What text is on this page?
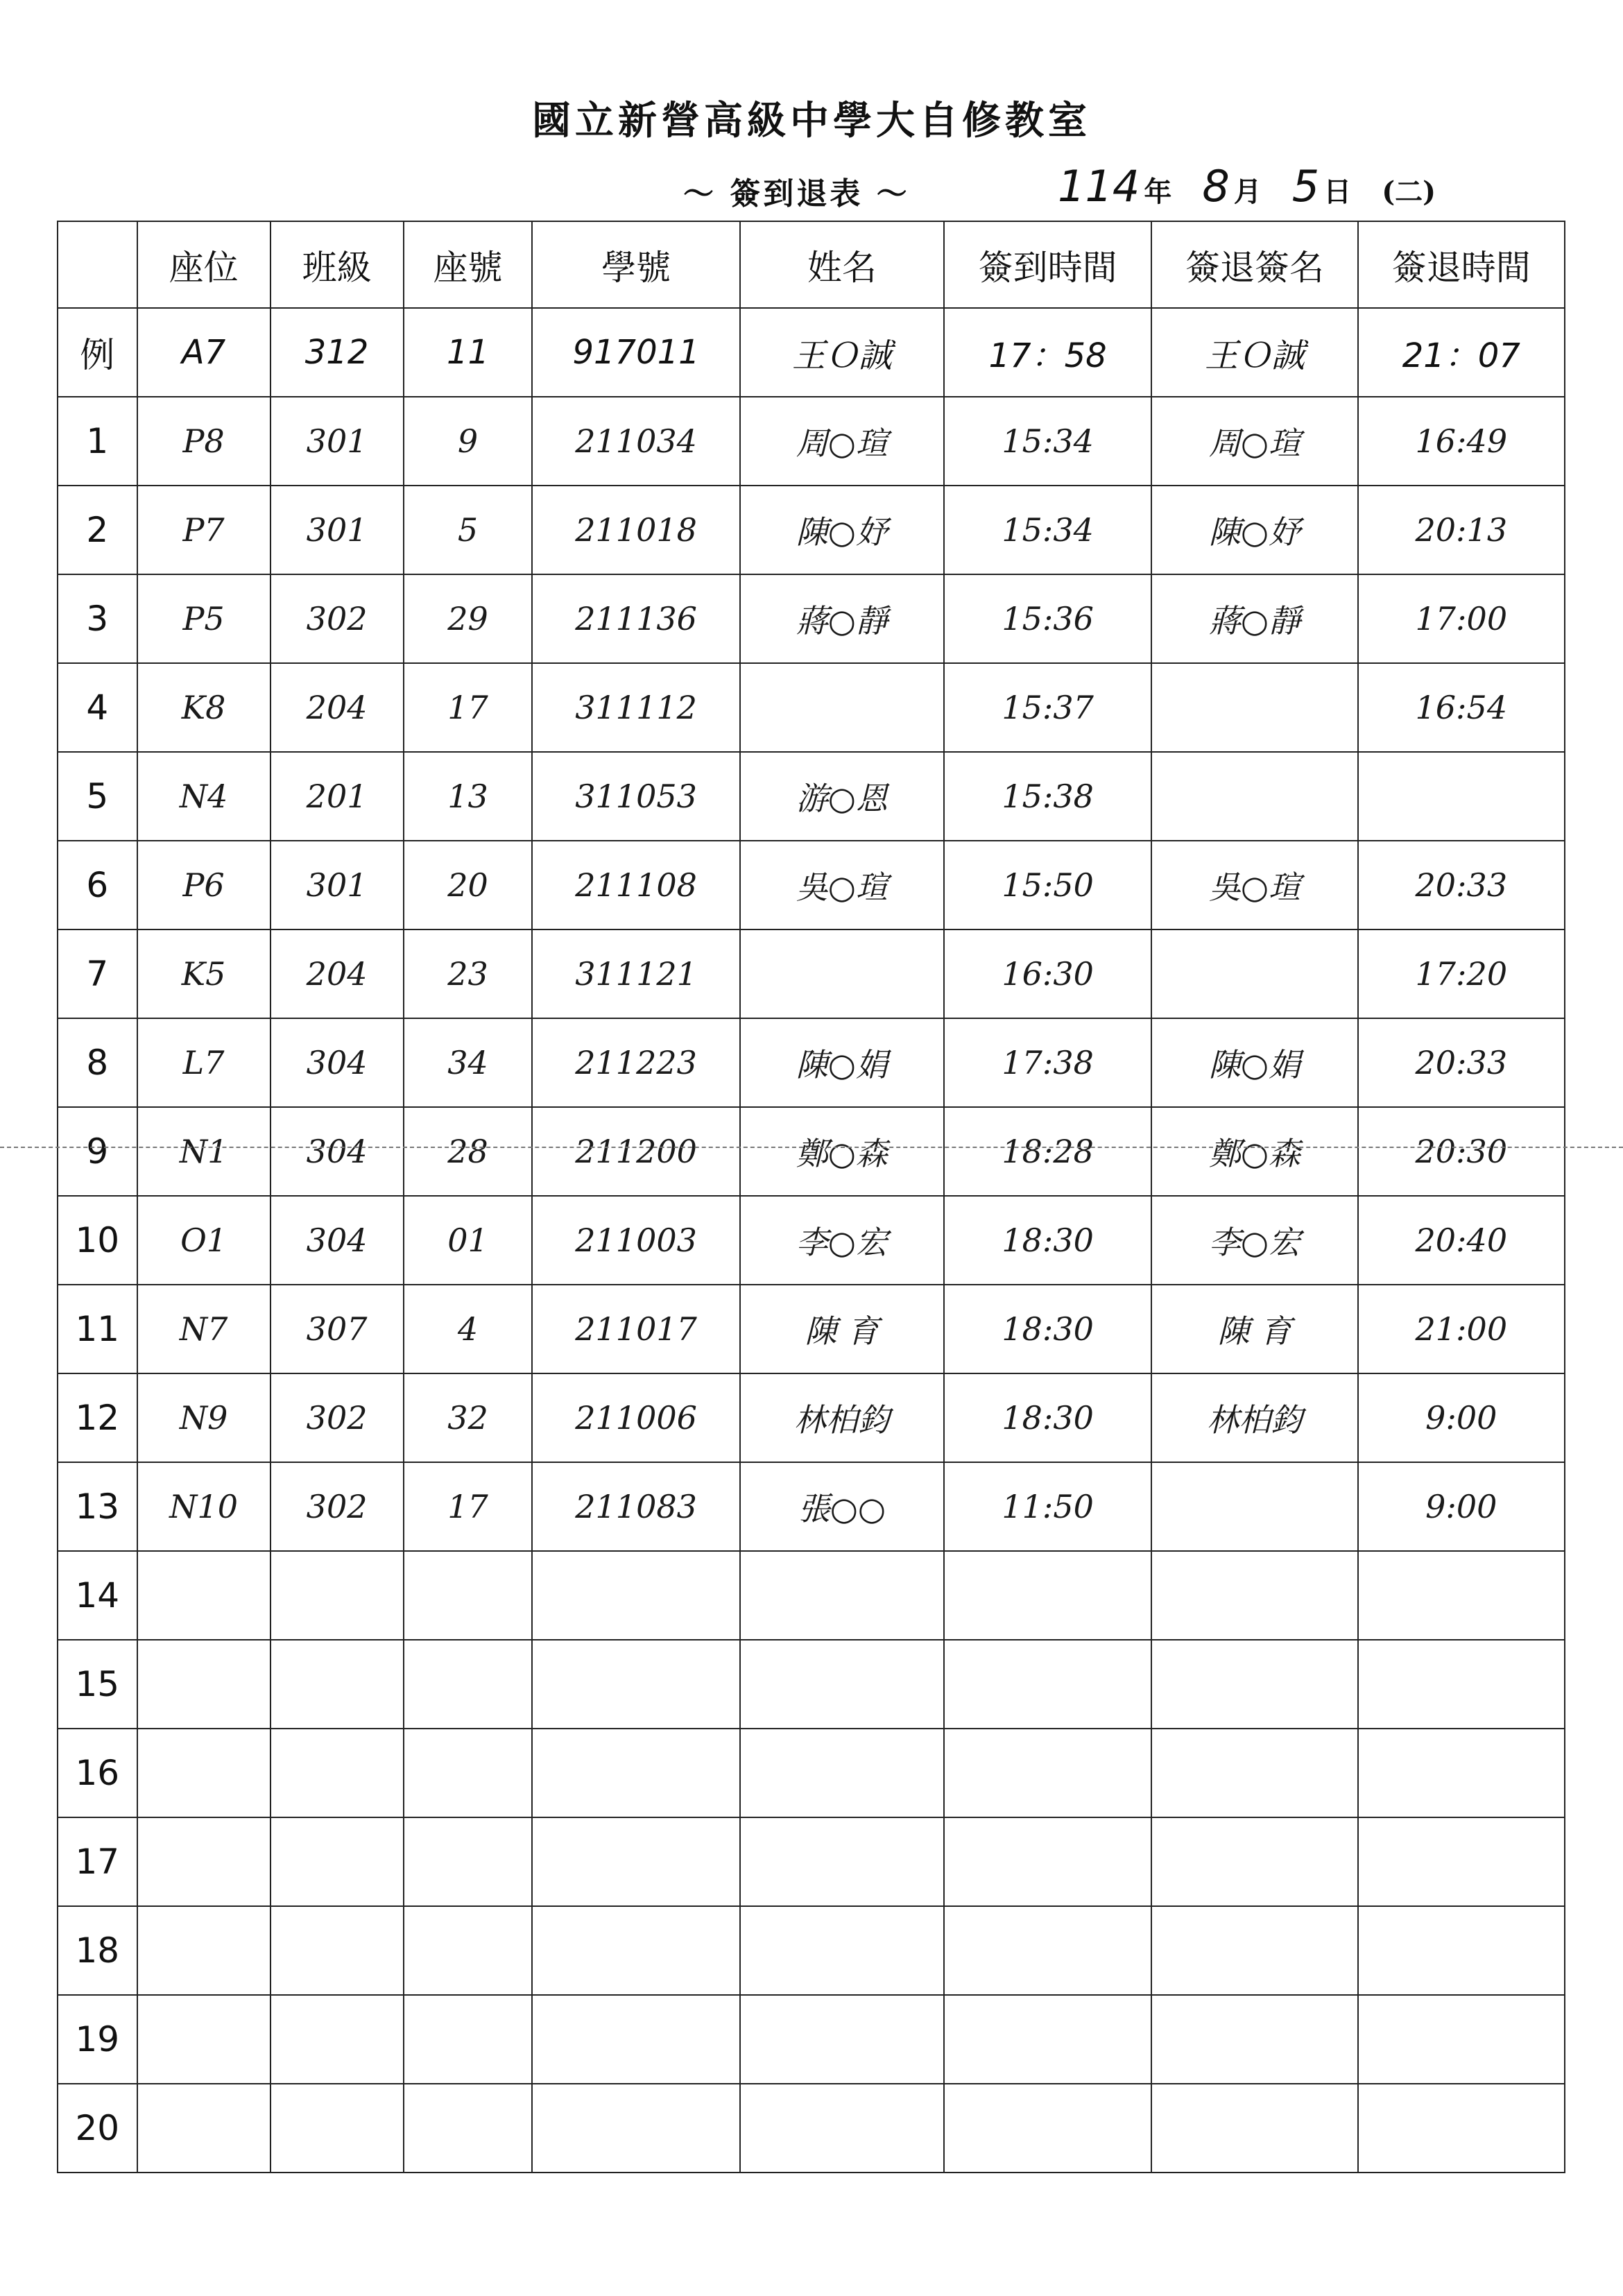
國立新營高級中學大自修教室
～ 簽到退表 ～	114 年 8 月 5 日 (二)
	座位	班級	座號	學號	姓名	簽到時間	簽退簽名	簽退時間
例	A7	312	11	917011	王Ｏ誠	17：58	王Ｏ誠	21：07
1	P8	301	9	211034	周○瑄	15:34	周○瑄	16:49
2	P7	301	5	211018	陳○妤	15:34	陳○妤	20:13
3	P5	302	29	211136	蔣○靜	15:36	蔣○靜	17:00
4	K8	204	17	311112		15:37		16:54
5	N4	201	13	311053	游○恩	15:38		
6	P6	301	20	211108	吳○瑄	15:50	吳○瑄	20:33
7	K5	204	23	311121		16:30		17:20
8	L7	304	34	211223	陳○娟	17:38	陳○娟	20:33
9	N1	304	28	211200	鄭○森	18:28	鄭○森	20:30
10	O1	304	01	211003	李○宏	18:30	李○宏	20:40
11	N7	307	4	211017	陳 育	18:30	陳 育	21:00
12	N9	302	32	211006	林柏鈞	18:30	林柏鈞	9:00
13	N10	302	17	211083	張○○	11:50		9:00
14								
15								
16								
17								
18								
19								
20								
